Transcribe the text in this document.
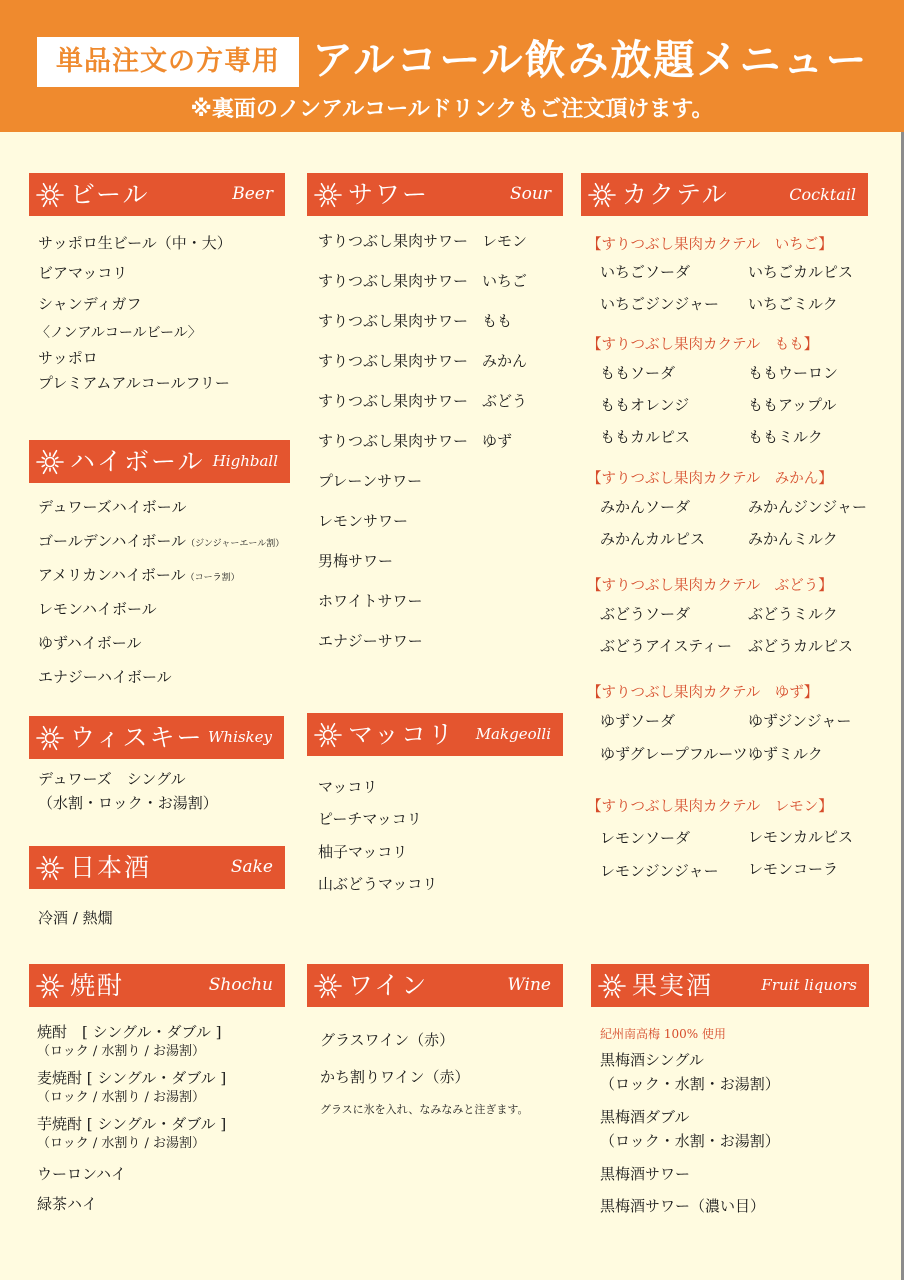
単品注文の方専用 アルコール飲み放題メニュー
※裏面のノンアルコールドリンクもご注文頂けます。
ビール	Beer
サッポロ生ビール（中・大）
ビアマッコリ
シャンディガフ
〈ノンアルコールビール〉
サッポロ
プレミアムアルコールフリー
ハイボール Highball
デュワーズハイボール
ゴールデンハイボール（ジンジャーエール割）
アメリカンハイボール（コーラ割）
レモンハイボール
ゆずハイボール
エナジーハイボール
ウィスキー Whiskey
デュワーズ　シングル
（水割・ロック・お湯割）
日本酒	Sake
冷酒 / 熱燗
焼酎	Shochu
焼酎　[ シングル・ダブル ]
（ロック / 水割り / お湯割）
麦焼酎 [ シングル・ダブル ]
（ロック / 水割り / お湯割）
芋焼酎 [ シングル・ダブル ]
（ロック / 水割り / お湯割）
ウーロンハイ
緑茶ハイ
サワー	Sour
すりつぶし果肉サワー レモン
すりつぶし果肉サワー いちご
すりつぶし果肉サワー もも
すりつぶし果肉サワー みかん
すりつぶし果肉サワー ぶどう
すりつぶし果肉サワー ゆず
プレーンサワー
レモンサワー
男梅サワー
ホワイトサワー
エナジーサワー
マッコリ Makgeolli
マッコリ
ピーチマッコリ
柚子マッコリ
山ぶどうマッコリ
ワイン	Wine
グラスワイン（赤）
かち割りワイン（赤）
グラスに氷を入れ、なみなみと注ぎます。
カクテル	Cocktail
【すりつぶし果肉カクテル　いちご】
いちごソーダ	いちごカルピス
いちごジンジャー いちごミルク
【すりつぶし果肉カクテル　もも】
ももソーダ	ももウーロン
ももオレンジ	ももアップル
ももカルピス	ももミルク
【すりつぶし果肉カクテル　みかん】
みかんソーダ	みかんジンジャー
みかんカルピス	みかんミルク
【すりつぶし果肉カクテル　ぶどう】
ぶどうソーダ	ぶどうミルク
ぶどうアイスティー ぶどうカルピス
【すりつぶし果肉カクテル　ゆず】
ゆずソーダ	ゆずジンジャー
ゆずグレープフルーツ ゆずミルク
【すりつぶし果肉カクテル　レモン】
レモンソーダ	レモンカルピス
レモンジンジャー レモンコーラ
果実酒	Fruit liquors
紀州南高梅 100% 使用
黒梅酒シングル
（ロック・水割・お湯割）
黒梅酒ダブル
（ロック・水割・お湯割）
黒梅酒サワー
黒梅酒サワー（濃い目）
